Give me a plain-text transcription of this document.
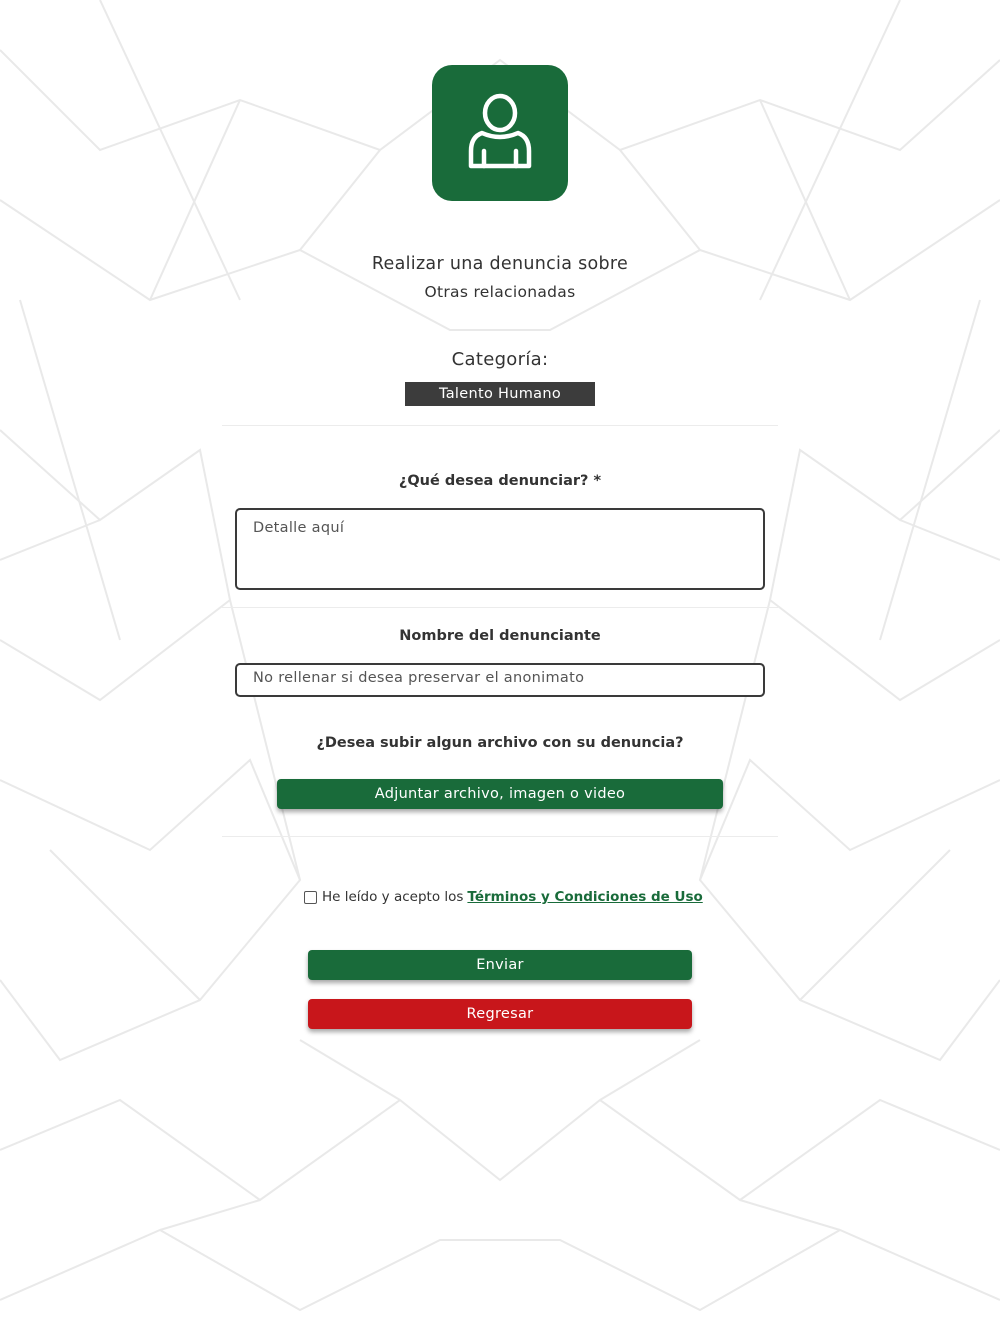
Realizar una denuncia sobre
Otras relacionadas
Categoría:
Talento Humano
¿Qué desea denunciar? *
Detalle aquí
Nombre del denunciante
No rellenar si desea preservar el anonimato
¿Desea subir algun archivo con su denuncia?
Adjuntar archivo, imagen o video
He leído y acepto los Términos y Condiciones de Uso
Enviar
Regresar
